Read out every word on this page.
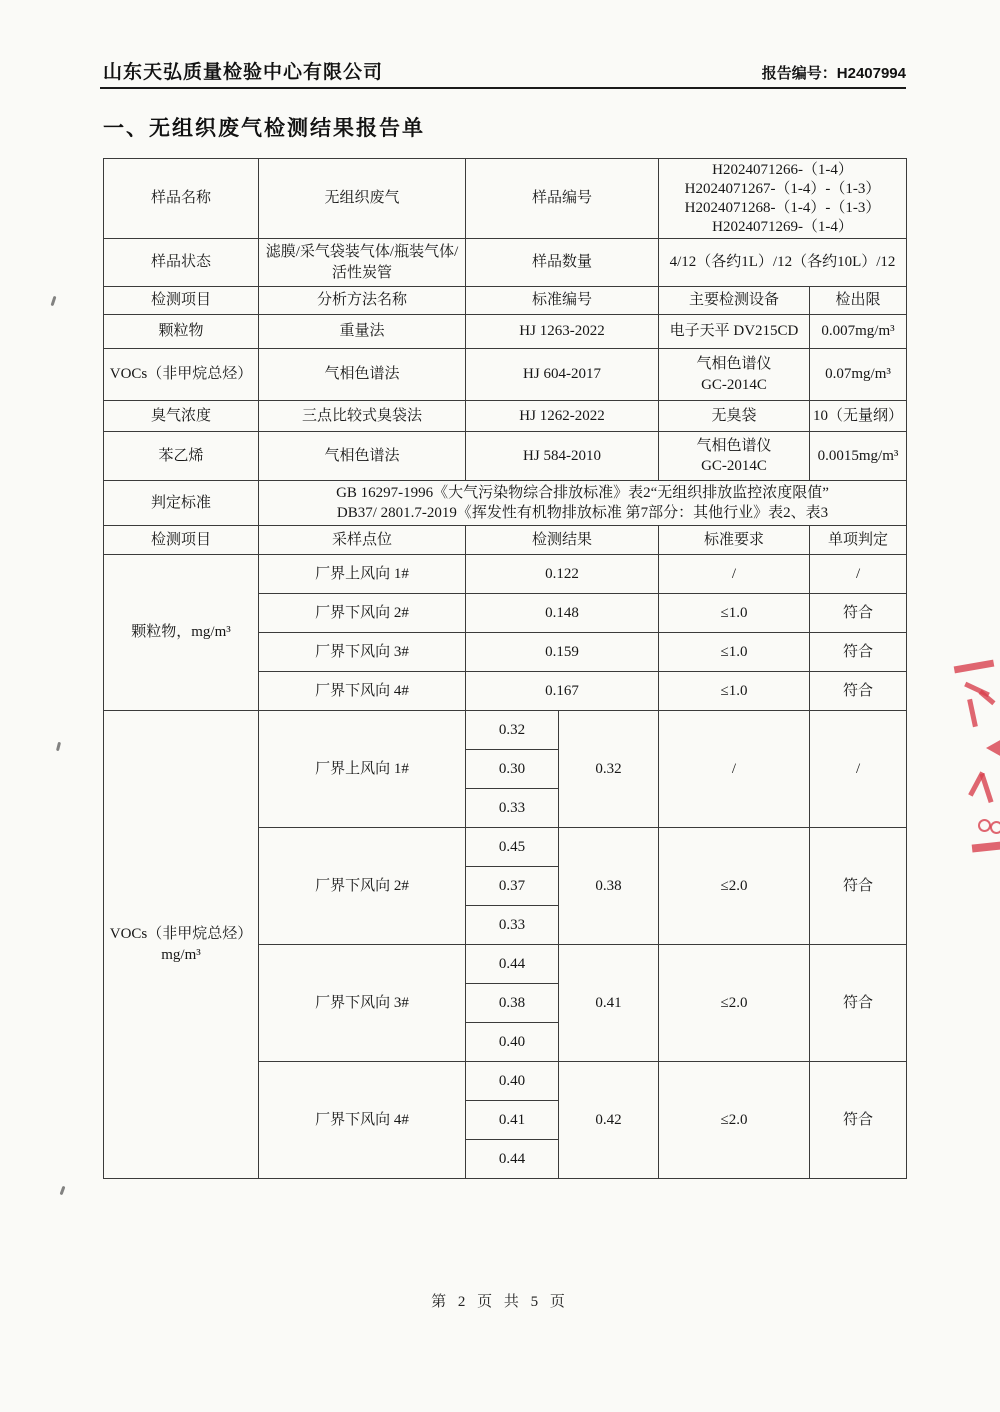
山东天弘质量检验中心有限公司	报告编号：H2407994
一、无组织废气检测结果报告单
样品名称	无组织废气	样品编号		H2024071266-（1-4）
H2024071267-（1-4）-（1-3）
H2024071268-（1-4）-（1-3）
H2024071269-（1-4）	

样品状态	滤膜/采气袋装气体/瓶装气体/活性炭管	样品数量		4/12（各约1L）/12（各约10L）/12	
检测项目	分析方法名称	标准编号		主要检测设备	检出限
颗粒物	重量法	HJ 1263-2022		电子天平 DV215CD	0.007mg/m³
VOCs（非甲烷总烃）	气相色谱法	HJ 604-2017		气相色谱仪
GC-2014C	0.07mg/m³
臭气浓度	三点比较式臭袋法	HJ 1262-2022		无臭袋	10（无量纲）
苯乙烯	气相色谱法	HJ 584-2010		气相色谱仪
GC-2014C	0.0015mg/m³
判定标准	GB 16297-1996《大气污染物综合排放标准》表2“无组织排放监控浓度限值”
DB37/ 2801.7-2019《挥发性有机物排放标准 第7部分：其他行业》表2、表3				

检测项目	采样点位	检测结果		标准要求	单项判定
颗粒物，mg/m³	厂界上风向 1#	0.122		/	/
	厂界下风向 2#	0.148		≤1.0	符合
	厂界下风向 3#	0.159		≤1.0	符合
	厂界下风向 4#	0.167		≤1.0	符合

VOCs（非甲烷总烃）
mg/m³	厂界上风向 1#	0.32	0.32	/	/
		0.30			
		0.33			
	厂界下风向 2#	0.45	0.38	≤2.0	符合
		0.37			
		0.33			
	厂界下风向 3#	0.44	0.41	≤2.0	符合
		0.38			
		0.40			
	厂界下风向 4#	0.40	0.42	≤2.0	符合
		0.41			
		0.44			
第 2 页 共 5 页
